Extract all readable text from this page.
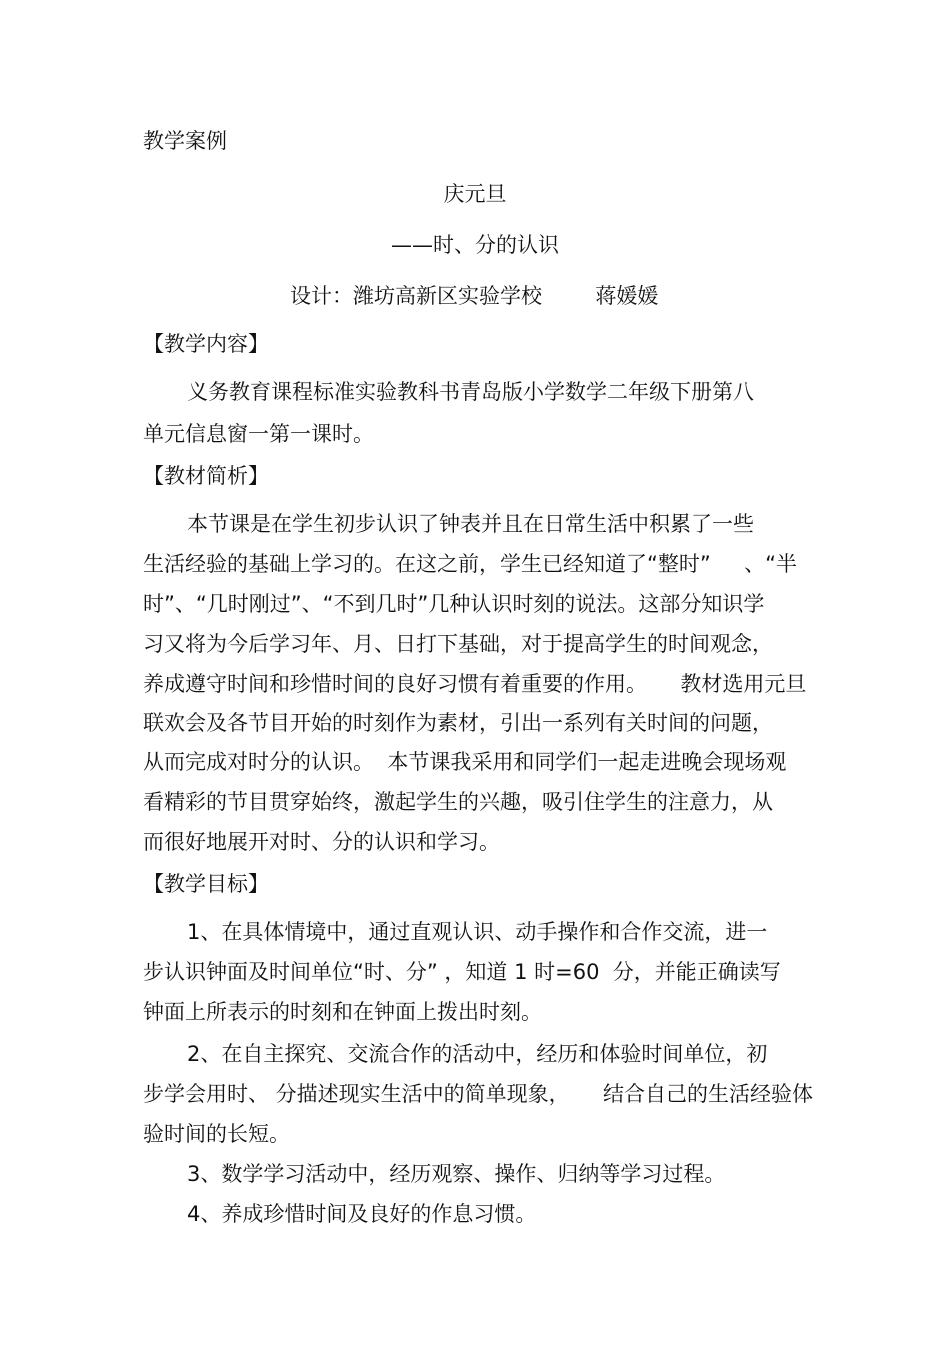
教学案例
庆元旦
——时、分的认识
设计：潍坊高新区实验学校        蒋媛媛
【教学内容】
义务教育课程标准实验教科书青岛版小学数学二年级下册第八
单元信息窗一第一课时。
【教材简析】
本节课是在学生初步认识了钟表并且在日常生活中积累了一些
生活经验的基础上学习的。在这之前，学生已经知道了“整时”     、“半
时”、“几时刚过”、“不到几时”几种认识时刻的说法。这部分知识学
习又将为今后学习年、月、日打下基础，对于提高学生的时间观念，
养成遵守时间和珍惜时间的良好习惯有着重要的作用。     教材选用元旦
联欢会及各节目开始的时刻作为素材，引出一系列有关时间的问题，
从而完成对时分的认识。  本节课我采用和同学们一起走进晚会现场观
看精彩的节目贯穿始终，激起学生的兴趣，吸引住学生的注意力，从
而很好地展开对时、分的认识和学习。
【教学目标】
1、在具体情境中，通过直观认识、动手操作和合作交流，进一
步认识钟面及时间单位“时、分” ，知道 1 时=60  分，并能正确读写
钟面上所表示的时刻和在钟面上拨出时刻。
2、在自主探究、交流合作的活动中，经历和体验时间单位，初
步学会用时、 分描述现实生活中的简单现象，     结合自己的生活经验体
验时间的长短。
3、数学学习活动中，经历观察、操作、归纳等学习过程。
4、养成珍惜时间及良好的作息习惯。
